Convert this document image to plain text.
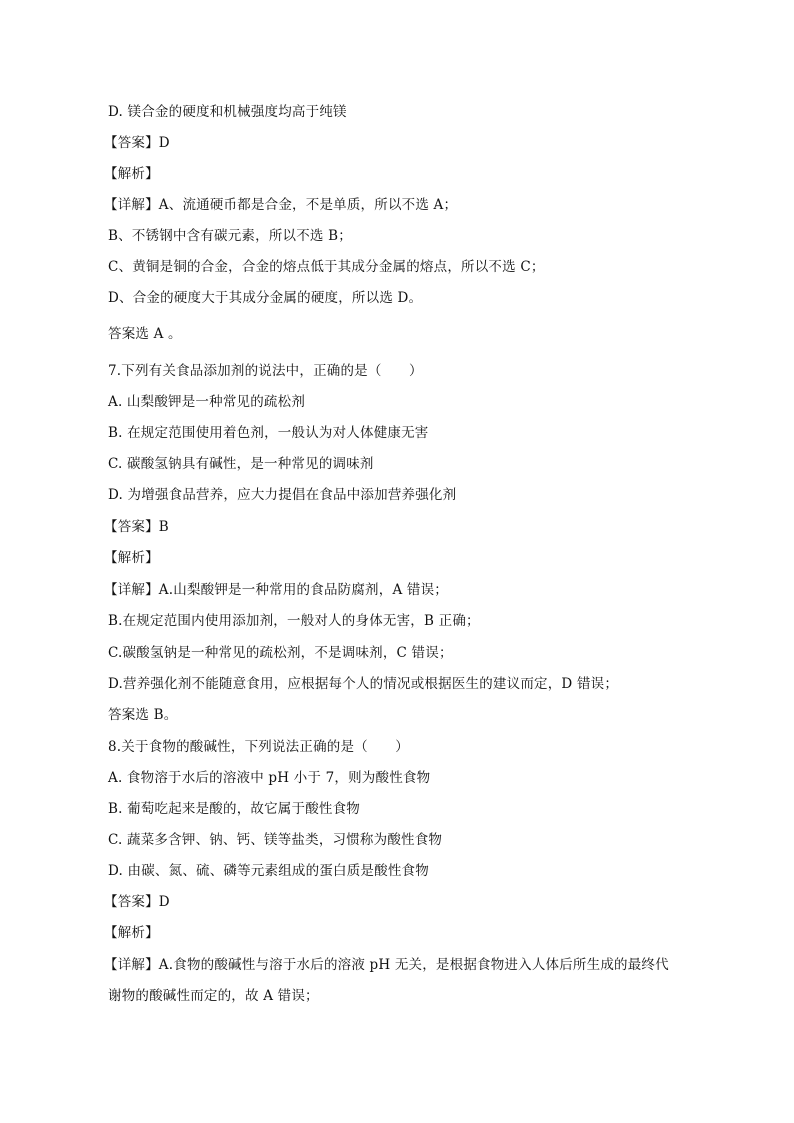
D. 镁合金的硬度和机械强度均高于纯镁
【答案】D
【解析】
【详解】A、流通硬币都是合金，不是单质，所以不选 A；
B、不锈钢中含有碳元素，所以不选 B；
C、黄铜是铜的合金，合金的熔点低于其成分金属的熔点，所以不选 C；
D、合金的硬度大于其成分金属的硬度，所以选 D。
答案选 A 。
7.下列有关食品添加剂的说法中，正确的是（　　）
A. 山梨酸钾是一种常见的疏松剂
B. 在规定范围使用着色剂，一般认为对人体健康无害
C. 碳酸氢钠具有碱性，是一种常见的调味剂
D. 为增强食品营养，应大力提倡在食品中添加营养强化剂
【答案】B
【解析】
【详解】A.山梨酸钾是一种常用的食品防腐剂，A 错误；
B.在规定范围内使用添加剂，一般对人的身体无害，B 正确；
C.碳酸氢钠是一种常见的疏松剂，不是调味剂，C 错误；
D.营养强化剂不能随意食用，应根据每个人的情况或根据医生的建议而定，D 错误；
答案选 B。
8.关于食物的酸碱性，下列说法正确的是（　　）
A. 食物溶于水后的溶液中 pH 小于 7，则为酸性食物
B. 葡萄吃起来是酸的，故它属于酸性食物
C. 蔬菜多含钾、钠、钙、镁等盐类，习惯称为酸性食物
D. 由碳、氮、硫、磷等元素组成的蛋白质是酸性食物
【答案】D
【解析】
【详解】A.食物的酸碱性与溶于水后的溶液 pH 无关，是根据食物进入人体后所生成的最终代
谢物的酸碱性而定的，故 A 错误；
